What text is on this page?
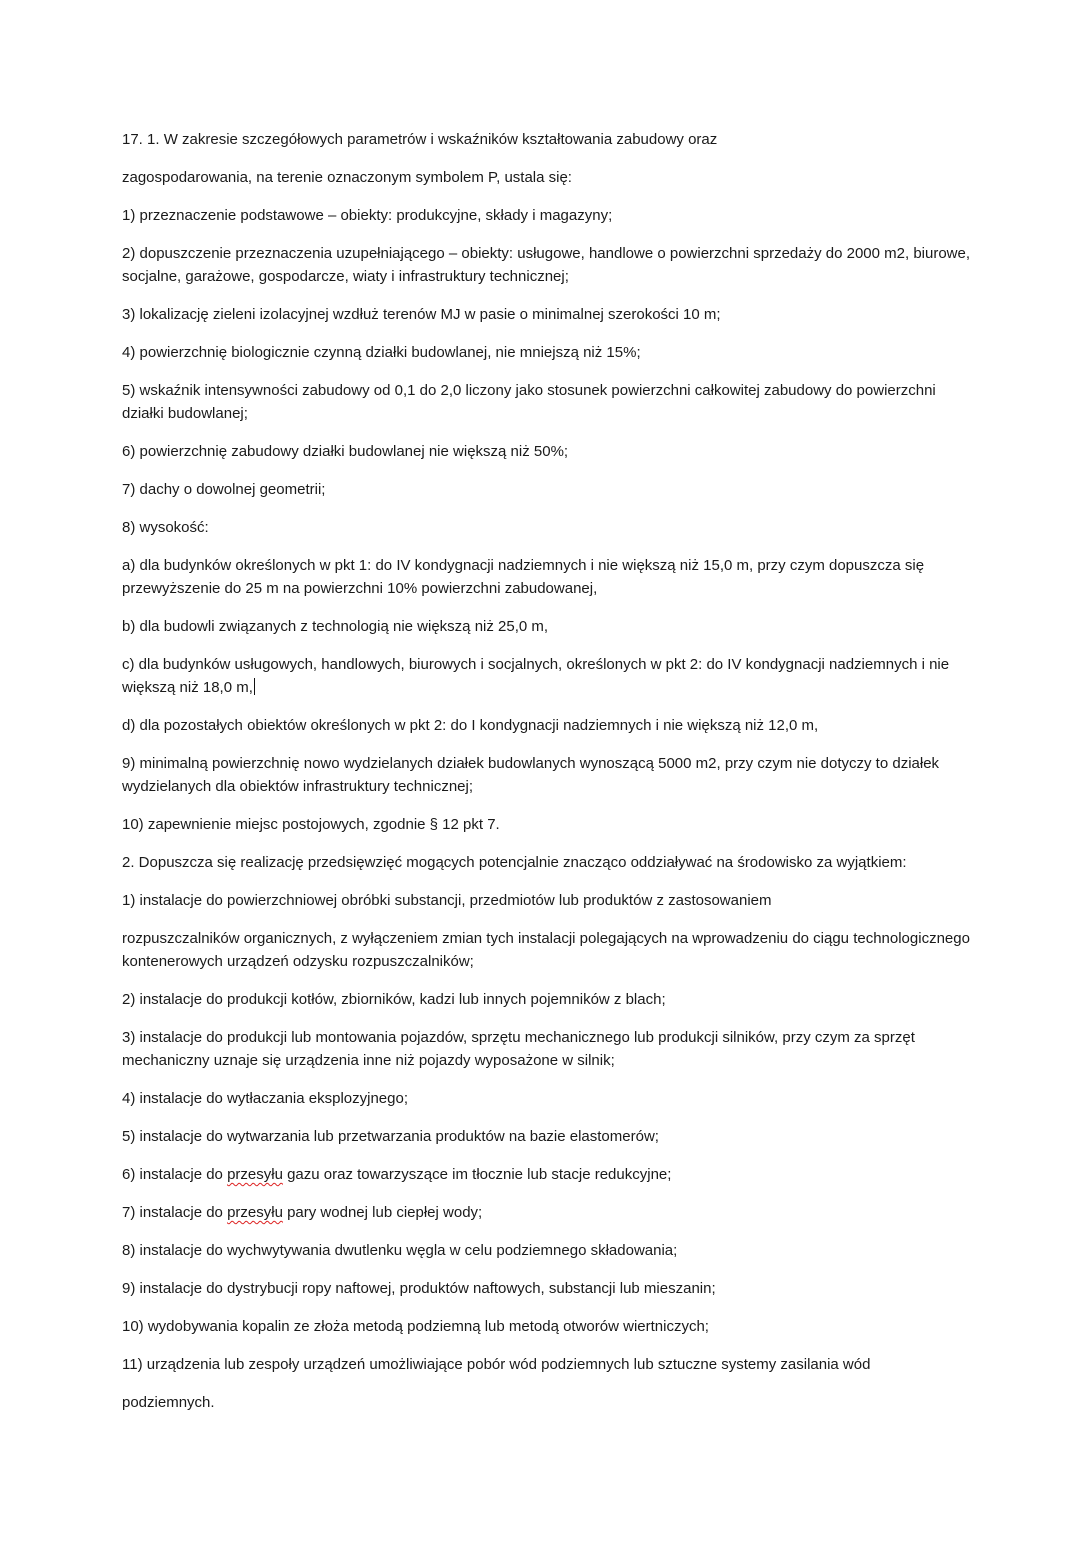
17. 1. W zakresie szczegółowych parametrów i wskaźników kształtowania zabudowy oraz

zagospodarowania, na terenie oznaczonym symbolem P, ustala się:

1) przeznaczenie podstawowe – obiekty: produkcyjne, składy i magazyny;

2) dopuszczenie przeznaczenia uzupełniającego – obiekty: usługowe, handlowe o powierzchni sprzedaży do 2000 m2, biurowe, socjalne, garażowe, gospodarcze, wiaty i infrastruktury technicznej;

3) lokalizację zieleni izolacyjnej wzdłuż terenów MJ w pasie o minimalnej szerokości 10 m;

4) powierzchnię biologicznie czynną działki budowlanej, nie mniejszą niż 15%;

5) wskaźnik intensywności zabudowy od 0,1 do 2,0 liczony jako stosunek powierzchni całkowitej zabudowy do powierzchni działki budowlanej;

6) powierzchnię zabudowy działki budowlanej nie większą niż 50%;

7) dachy o dowolnej geometrii;

8) wysokość:

a) dla budynków określonych w pkt 1: do IV kondygnacji nadziemnych i nie większą niż 15,0 m, przy czym dopuszcza się przewyższenie do 25 m na powierzchni 10% powierzchni zabudowanej,

b) dla budowli związanych z technologią nie większą niż 25,0 m,

c) dla budynków usługowych, handlowych, biurowych i socjalnych, określonych w pkt 2: do IV kondygnacji nadziemnych i nie większą niż 18,0 m,

d) dla pozostałych obiektów określonych w pkt 2: do I kondygnacji nadziemnych i nie większą niż 12,0 m,

9) minimalną powierzchnię nowo wydzielanych działek budowlanych wynoszącą 5000 m2, przy czym nie dotyczy to działek wydzielanych dla obiektów infrastruktury technicznej;

10) zapewnienie miejsc postojowych, zgodnie § 12 pkt 7.

2. Dopuszcza się realizację przedsięwzięć mogących potencjalnie znacząco oddziaływać na środowisko za wyjątkiem:

1) instalacje do powierzchniowej obróbki substancji, przedmiotów lub produktów z zastosowaniem

rozpuszczalników organicznych, z wyłączeniem zmian tych instalacji polegających na wprowadzeniu do ciągu technologicznego kontenerowych urządzeń odzysku rozpuszczalników;

2) instalacje do produkcji kotłów, zbiorników, kadzi lub innych pojemników z blach;

3) instalacje do produkcji lub montowania pojazdów, sprzętu mechanicznego lub produkcji silników, przy czym za sprzęt mechaniczny uznaje się urządzenia inne niż pojazdy wyposażone w silnik;

4) instalacje do wytłaczania eksplozyjnego;

5) instalacje do wytwarzania lub przetwarzania produktów na bazie elastomerów;

6) instalacje do przesyłu gazu oraz towarzyszące im tłocznie lub stacje redukcyjne;

7) instalacje do przesyłu pary wodnej lub ciepłej wody;

8) instalacje do wychwytywania dwutlenku węgla w celu podziemnego składowania;

9) instalacje do dystrybucji ropy naftowej, produktów naftowych, substancji lub mieszanin;

10) wydobywania kopalin ze złoża metodą podziemną lub metodą otworów wiertniczych;

11) urządzenia lub zespoły urządzeń umożliwiające pobór wód podziemnych lub sztuczne systemy zasilania wód

podziemnych.
